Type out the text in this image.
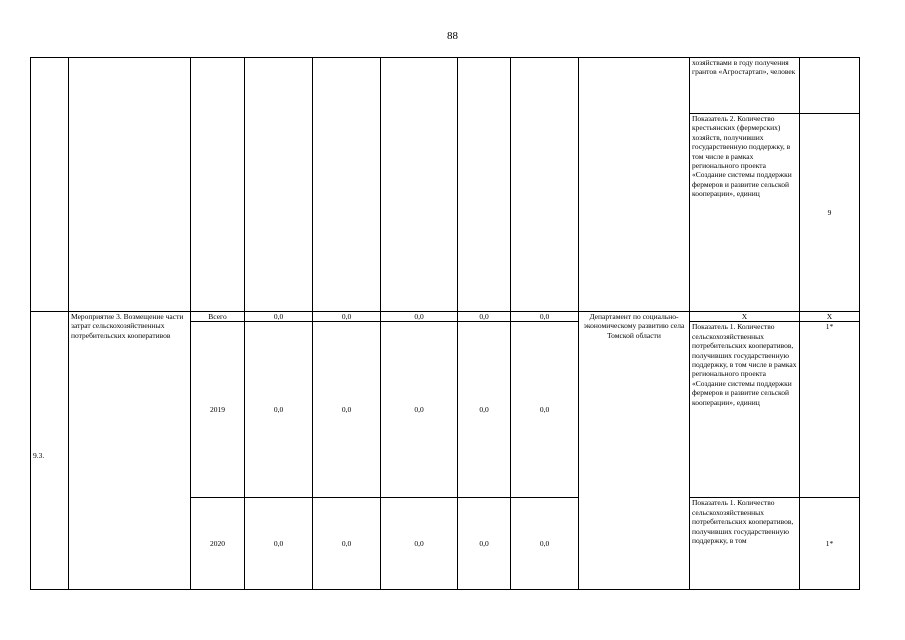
88
									хозяйствами в году получения грантов «Агростартап», человек	
									Показатель 2. Количество крестьянских (фермерских) хозяйств, получивших государственную поддержку, в том числе в рамках регионального проекта «Создание системы поддержки фермеров и развитие сельской кооперации», единиц	9

9.3.	Мероприятие 3. Возмещение части затрат сельскохозяйственных потребительских кооперативов	Всего	0,0	0,0	0,0	0,0	0,0	Департамент по социально-экономическому развитию села Томской области	X	X
		2019	0,0	0,0	0,0	0,0	0,0		Показатель 1. Количество сельскохозяйственных потребительских кооперативов, получивших государственную поддержку, в том числе в рамках регионального проекта «Создание системы поддержки фермеров и развитие сельской кооперации», единиц	1*
		2020	0,0	0,0	0,0	0,0	0,0		Показатель 1. Количество сельскохозяйственных потребительских кооперативов, получивших государственную поддержку, в том	1*
